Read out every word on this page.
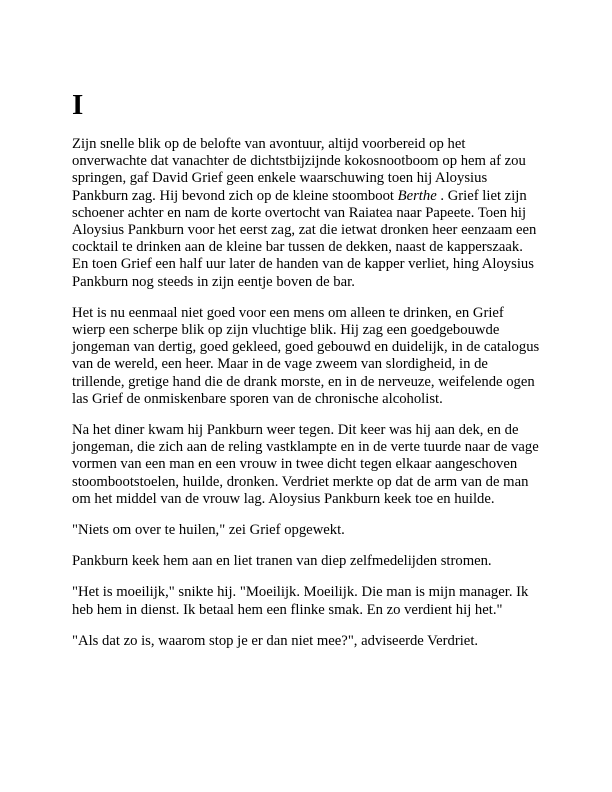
I

Zijn snelle blik op de belofte van avontuur, altijd voorbereid op het onverwachte dat vanachter de dichtstbijzijnde kokosnootboom op hem af zou springen, gaf David Grief geen enkele waarschuwing toen hij Aloysius Pankburn zag. Hij bevond zich op de kleine stoomboot Berthe . Grief liet zijn schoener achter en nam de korte overtocht van Raiatea naar Papeete. Toen hij Aloysius Pankburn voor het eerst zag, zat die ietwat dronken heer eenzaam een cocktail te drinken aan de kleine bar tussen de dekken, naast de kapperszaak. En toen Grief een half uur later de handen van de kapper verliet, hing Aloysius Pankburn nog steeds in zijn eentje boven de bar.

Het is nu eenmaal niet goed voor een mens om alleen te drinken, en Grief wierp een scherpe blik op zijn vluchtige blik. Hij zag een goedgebouwde jongeman van dertig, goed gekleed, goed gebouwd en duidelijk, in de catalogus van de wereld, een heer. Maar in de vage zweem van slordigheid, in de trillende, gretige hand die de drank morste, en in de nerveuze, weifelende ogen las Grief de onmiskenbare sporen van de chronische alcoholist.

Na het diner kwam hij Pankburn weer tegen. Dit keer was hij aan dek, en de jongeman, die zich aan de reling vastklampte en in de verte tuurde naar de vage vormen van een man en een vrouw in twee dicht tegen elkaar aangeschoven stoombootstoelen, huilde, dronken. Verdriet merkte op dat de arm van de man om het middel van de vrouw lag. Aloysius Pankburn keek toe en huilde.

"Niets om over te huilen," zei Grief opgewekt.

Pankburn keek hem aan en liet tranen van diep zelfmedelijden stromen.

"Het is moeilijk," snikte hij. "Moeilijk. Moeilijk. Die man is mijn manager. Ik heb hem in dienst. Ik betaal hem een flinke smak. En zo verdient hij het."

"Als dat zo is, waarom stop je er dan niet mee?", adviseerde Verdriet.
